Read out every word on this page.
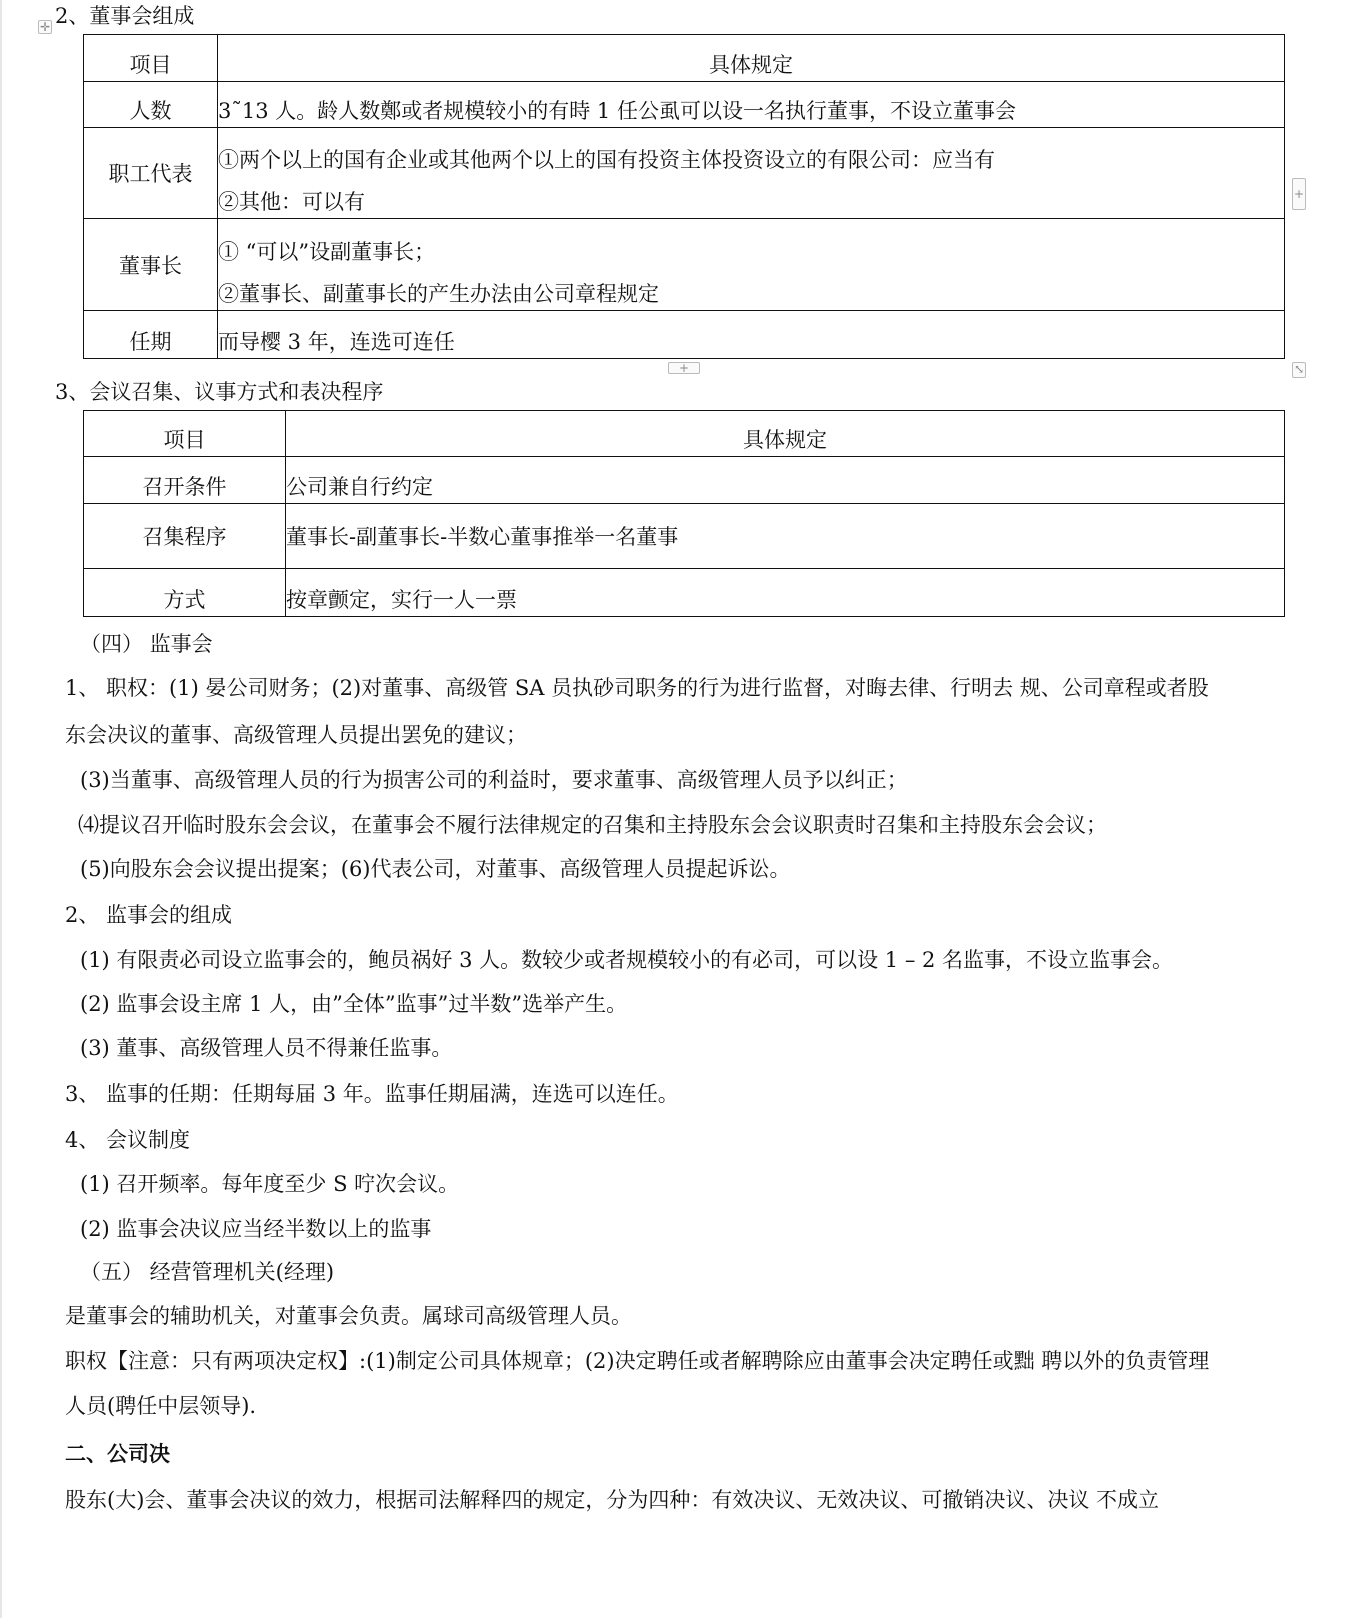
2、董事会组成
✛
项目	具体规定

人数	3˜13 人。龄人数鄭或者规模较小的有時 1 任公虱可以设一名执行董事，不设立董事会

职工代表	①两个以上的国有企业或其他两个以上的国有投资主体投资设立的有限公司：应当有
②其他：可以有

董事长	① “可以”设副董事长；
②董事长、副董事长的产生办法由公司章程规定

任期	而导樱 3 年，连选可连任
+
+	⤡
3、会议召集、议事方式和表决程序
项目	具体规定

召开条件	公司兼自行约定

召集程序	董事长-副董事长-半数心董事推举一名董事

方式	按章颤定，实行一人一票
（四） 监事会
1、 职权：(1) 晏公司财务；(2)对董事、高级管 SA 员执砂司职务的行为进行监督，对晦去律、行明去 规、公司章程或者股
东会决议的董事、高级管理人员提出罢免的建议；
(3)当董事、高级管理人员的行为损害公司的利益时，要求董事、高级管理人员予以纠正；
⑷提议召开临时股东会会议，在董事会不履行法律规定的召集和主持股东会会议职责时召集和主持股东会会议；
(5)向股东会会议提出提案；(6)代表公司，对董事、高级管理人员提起诉讼。
2、 监事会的组成
(1) 有限责必司设立监事会的，鲍员祸好 3 人。数较少或者规模较小的有必司，可以设 1 – 2 名监事，不设立监事会。
(2) 监事会设主席 1 人，由”全体”监事”过半数”选举产生。
(3) 董事、高级管理人员不得兼任监事。
3、 监事的任期：任期每届 3 年。监事任期届满，连选可以连任。
4、 会议制度
(1) 召开频率。每年度至少 S 咛次会议。
(2) 监事会决议应当经半数以上的监事
（五） 经营管理机关(经理)
是董事会的辅助机关，对董事会负责。属球司高级管理人员。
职权【注意：只有两项决定权】:(1)制定公司具体规章；(2)决定聘任或者解聘除应由董事会决定聘任或黜 聘以外的负责管理
人员(聘任中层领导).
二、公司决
股东(大)会、董事会决议的效力，根据司法解释四的规定，分为四种：有效决议、无效决议、可撤销决议、决议 不成立
